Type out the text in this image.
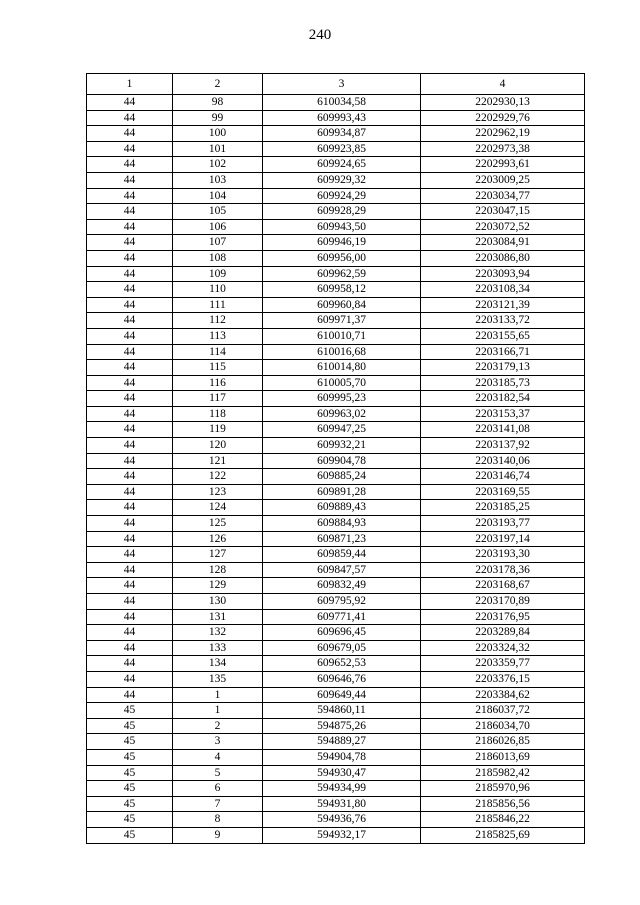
240
1	2	3	4
44	98	610034,58	2202930,13
44	99	609993,43	2202929,76
44	100	609934,87	2202962,19
44	101	609923,85	2202973,38
44	102	609924,65	2202993,61
44	103	609929,32	2203009,25
44	104	609924,29	2203034,77
44	105	609928,29	2203047,15
44	106	609943,50	2203072,52
44	107	609946,19	2203084,91
44	108	609956,00	2203086,80
44	109	609962,59	2203093,94
44	110	609958,12	2203108,34
44	111	609960,84	2203121,39
44	112	609971,37	2203133,72
44	113	610010,71	2203155,65
44	114	610016,68	2203166,71
44	115	610014,80	2203179,13
44	116	610005,70	2203185,73
44	117	609995,23	2203182,54
44	118	609963,02	2203153,37
44	119	609947,25	2203141,08
44	120	609932,21	2203137,92
44	121	609904,78	2203140,06
44	122	609885,24	2203146,74
44	123	609891,28	2203169,55
44	124	609889,43	2203185,25
44	125	609884,93	2203193,77
44	126	609871,23	2203197,14
44	127	609859,44	2203193,30
44	128	609847,57	2203178,36
44	129	609832,49	2203168,67
44	130	609795,92	2203170,89
44	131	609771,41	2203176,95
44	132	609696,45	2203289,84
44	133	609679,05	2203324,32
44	134	609652,53	2203359,77
44	135	609646,76	2203376,15
44	1	609649,44	2203384,62
45	1	594860,11	2186037,72
45	2	594875,26	2186034,70
45	3	594889,27	2186026,85
45	4	594904,78	2186013,69
45	5	594930,47	2185982,42
45	6	594934,99	2185970,96
45	7	594931,80	2185856,56
45	8	594936,76	2185846,22
45	9	594932,17	2185825,69
